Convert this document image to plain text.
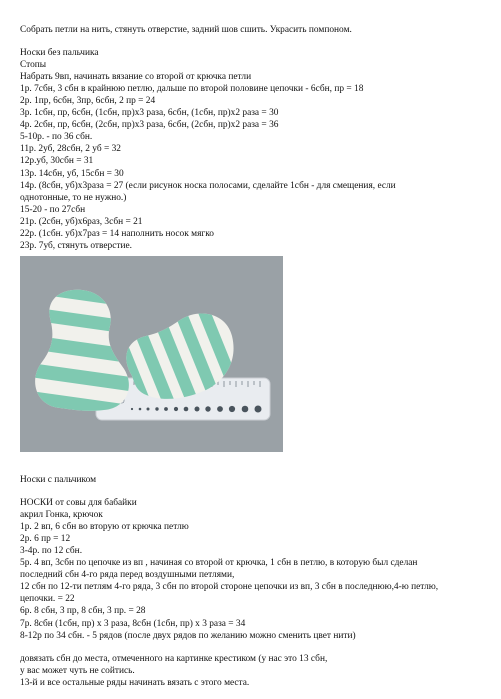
Собрать петли на нить, стянуть отверстие, задний шов сшить. Украсить помпоном.
Носки без пальчика
Стопы
Набрать 9вп, начинать вязание со второй от крючка петли
1р. 7сбн, 3 сбн в крайнюю петлю, дальше по второй половине цепочки - 6сбн, пр = 18
2р. 1пр, 6сбн, 3пр, 6сбн, 2 пр = 24
3р. 1сбн, пр, 6сбн, (1сбн, пр)х3 раза, 6сбн, (1сбн, пр)х2 раза = 30
4р. 2сбн, пр, 6сбн, (2сбн, пр)х3 раза, 6сбн, (2сбн, пр)х2 раза = 36
5-10р. - по 36 сбн.
11р. 2уб, 28сбн, 2 уб = 32
12р.уб, 30сбн = 31
13р. 14сбн, уб, 15сбн = 30
14р. (8сбн, уб)х3раза = 27 (если рисунок носка полосами, сделайте 1сбн - для смещения, если
однотонные, то не нужно.)
15-20 - по 27сбн
21р. (2сбн, уб)х6раз, 3сбн = 21
22р. (1сбн. уб)х7раз = 14 наполнить носок мягко
23р. 7уб, стянуть отверстие.
Носки с пальчиком
НОСКИ от совы для бабайки
акрил Гонка, крючок
1р. 2 вп, 6 сбн во вторую от крючка петлю
2р. 6 пр = 12
3-4р. по 12 сбн.
5р. 4 вп, 3сбн по цепочке из вп , начиная со второй от крючка, 1 сбн в петлю, в которую был сделан
последний сбн 4-го ряда перед воздушными петлями,
12 сбн по 12-ти петлям 4-го ряда, 3 сбн по второй стороне цепочки из вп, 3 сбн в последнюю,4-ю петлю,
цепочки. = 22
6р. 8 сбн, 3 пр, 8 сбн, 3 пр. = 28
7р. 8сбн (1сбн, пр) х 3 раза, 8сбн (1сбн, пр) х 3 раза = 34
8-12р по 34 сбн. - 5 рядов (после двух рядов по желанию можно сменить цвет нити)
довязать сбн до места, отмеченного на картинке крестиком (у нас это 13 сбн,
у вас может чуть не сойтись.
13-й и все остальные ряды начинать вязать с этого места.
